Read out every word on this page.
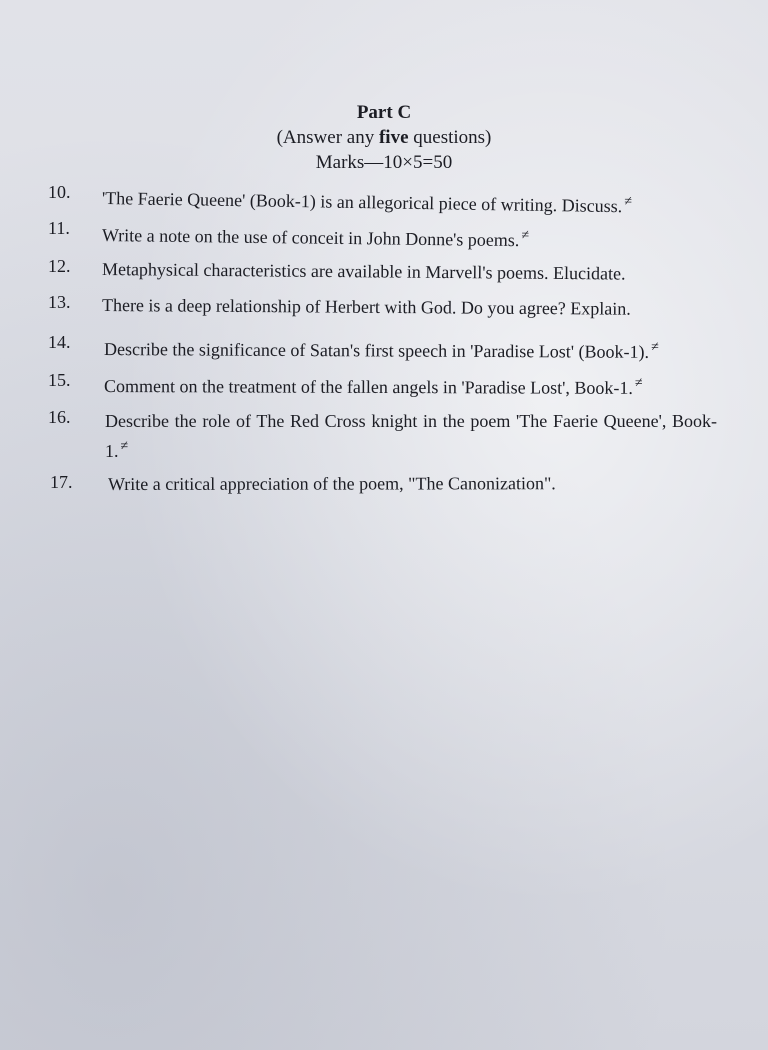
Part C
(Answer any five questions)
Marks—10×5=50
10. 'The Faerie Queene' (Book-1) is an allegorical piece of writing. Discuss. ≠
11. Write a note on the use of conceit in John Donne's poems. ≠
12. Metaphysical characteristics are available in Marvell's poems. Elucidate.
13. There is a deep relationship of Herbert with God. Do you agree? Explain.
14. Describe the significance of Satan's first speech in 'Paradise Lost' (Book-1). ≠
15. Comment on the treatment of the fallen angels in 'Paradise Lost', Book-1. ≠
16. Describe the role of The Red Cross knight in the poem 'The Faerie Queene', Book-1. ≠
17. Write a critical appreciation of the poem, "The Canonization".
